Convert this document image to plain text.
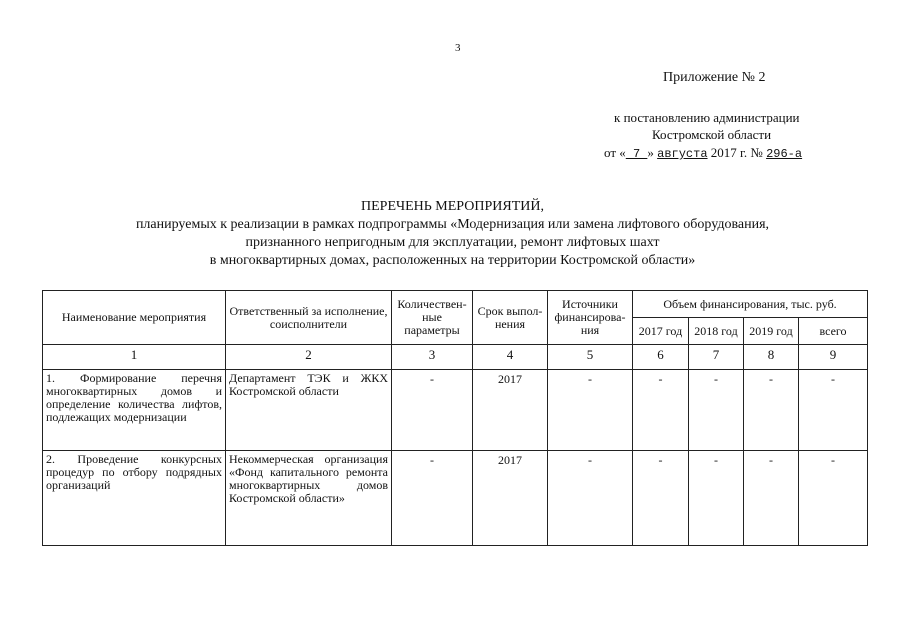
3
Приложение № 2
к постановлению администрации
Костромской области
от « 7 » августа 2017 г. № 296-а
ПЕРЕЧЕНЬ МЕРОПРИЯТИЙ,
планируемых к реализации в рамках подпрограммы «Модернизация или замена лифтового оборудования,
признанного непригодным для эксплуатации, ремонт лифтовых шахт
в многоквартирных домах, расположенных на территории Костромской области»
Наименование мероприятия	Ответственный за исполнение, соисполнители	Количествен-ные параметры	Срок выпол-нения	Источники финансирова-ния	Объем финансирования, тыс. руб.			
					2017 год	2018 год	2019 год	всего
1	2	3	4	5	6	7	8	9
1. Формирование перечня многоквартирных домов и определение количества лифтов, подлежащих модернизации	Департамент ТЭК и ЖКХ Костромской области	-	2017	-	-	-	-	-
2. Проведение конкурсных процедур по отбору подрядных организаций	Некоммерческая организация «Фонд капитального ремонта многоквартирных домов Костромской области»	-	2017	-	-	-	-	-
